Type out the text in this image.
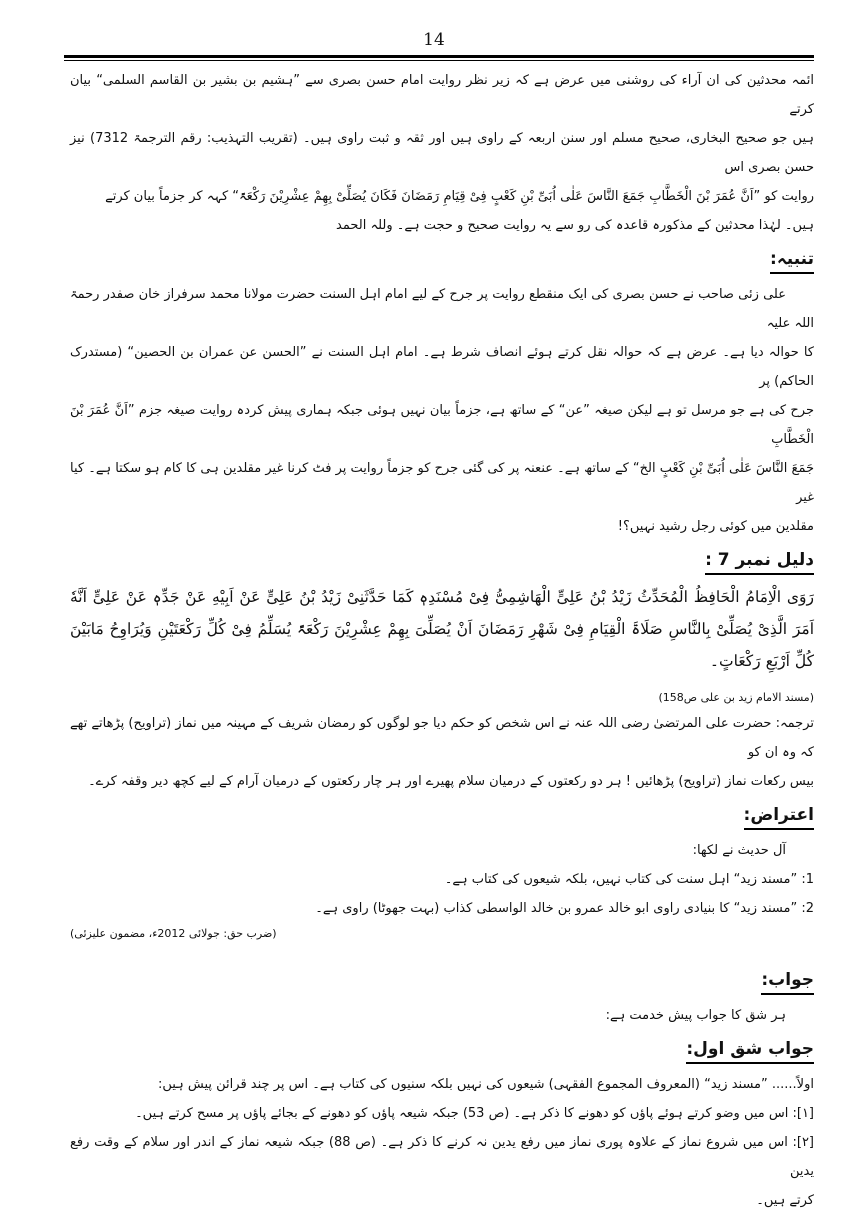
14

ائمہ محدثین کی ان آراء کی روشنی میں عرض ہے کہ زیر نظر روایت امام حسن بصری سے ”ہشیم بن بشیر بن القاسم السلمی“ بیان کرتے

ہیں جو صحیح البخاری، صحیح مسلم اور سنن اربعہ کے راوی ہیں اور ثقہ و ثبت راوی ہیں۔ (تقریب التہذیب: رقم الترجمۃ 7312) نیز حسن بصری اس

روایت کو ”اَنَّ عُمَرَ بْنَ الْخَطَّابِ جَمَعَ النَّاسَ عَلٰی اُبَیِّ بْنِ کَعْبٍ فِیْ قِیَامِ رَمَضَانَ فَکَانَ یُصَلِّیْ بِهِمْ عِشْرِیْنَ رَکْعَۃً“ کہہ کر جزماً بیان کرتے

ہیں۔ لہٰذا محدثین کے مذکورہ قاعدہ کی رو سے یہ روایت صحیح و حجت ہے۔ وللہ الحمد

تنبیہ:

علی زئی صاحب نے حسن بصری کی ایک منقطع روایت پر جرح کے لیے امام اہل السنت حضرت مولانا محمد سرفراز خان صفدر رحمۃ اللہ علیہ

کا حوالہ دیا ہے۔ عرض ہے کہ حوالہ نقل کرتے ہوئے انصاف شرط ہے۔ امام اہل السنت نے ”الحسن عن عمران بن الحصین“ (مستدرک الحاکم) پر

جرح کی ہے جو مرسل تو ہے لیکن صیغہ ”عن“ کے ساتھ ہے، جزماً بیان نہیں ہوئی جبکہ ہماری پیش کردہ روایت صیغہ جزم ”اَنَّ عُمَرَ بْنَ الْخَطَّابِ

جَمَعَ النَّاسَ عَلٰی اُبَیِّ بْنِ کَعْبٍ الخ“ کے ساتھ ہے۔ عنعنہ پر کی گئی جرح کو جزماً روایت پر فٹ کرنا غیر مقلدین ہی کا کام ہو سکتا ہے۔ کیا غیر

مقلدین میں کوئی رجل رشید نہیں؟!

دلیل نمبر 7 :

رَوَی الْاِمَامُ الْحَافِظُ الْمُحَدِّثُ زَیْدُ بْنُ عَلِیٍّ الْهَاشِمِیُّ فِیْ مُسْنَدِہٖ کَمَا حَدَّثَنِیْ زَیْدُ بْنُ عَلِیٍّ عَنْ اَبِیْهِ عَنْ جَدِّہٖ عَنْ عَلِیٍّ اَنَّهٗ اَمَرَ الَّذِیْ یُصَلِّیْ بِالنَّاسِ صَلَاۃَ الْقِیَامِ فِیْ شَهْرِ رَمَضَانَ اَنْ یُصَلِّیَ بِهِمْ عِشْرِیْنَ رَکْعَۃً یُسَلِّمُ فِیْ کُلِّ رَکْعَتَیْنِ وَیُرَاوِحُ مَابَیْنَ کُلِّ اَرْبَعِ رَکْعَاتٍ۔

(مسند الامام زید بن علی ص158)

ترجمہ: حضرت علی المرتضیٰ رضی اللہ عنہ نے اس شخص کو حکم دیا جو لوگوں کو رمضان شریف کے مہینہ میں نماز (تراویح) پڑھاتے تھے کہ وہ ان کو

بیس رکعات نماز (تراویح) پڑھائیں ! ہر دو رکعتوں کے درمیان سلام پھیرے اور ہر چار رکعتوں کے درمیان آرام کے لیے کچھ دیر وقفہ کرے۔

اعتراض:

آل حدیث نے لکھا:

1: ”مسند زید“ اہل سنت کی کتاب نہیں، بلکہ شیعوں کی کتاب ہے۔

2: ”مسند زید“ کا بنیادی راوی ابو خالد عمرو بن خالد الواسطی کذاب (بہت جھوٹا) راوی ہے۔

(ضرب حق: جولائی 2012ء، مضمون علیزئی)

جواب:

ہر شق کا جواب پیش خدمت ہے:

جواب شق اول:

اولاً...... ”مسند زید“ (المعروف المجموع الفقہی) شیعوں کی نہیں بلکہ سنیوں کی کتاب ہے۔ اس پر چند قرائن پیش ہیں:

[۱]: اس میں وضو کرتے ہوئے پاؤں کو دھونے کا ذکر ہے۔ (ص 53) جبکہ شیعہ پاؤں کو دھونے کے بجائے پاؤں پر مسح کرتے ہیں۔

[۲]: اس میں شروع نماز کے علاوہ پوری نماز میں رفع یدین نہ کرنے کا ذکر ہے۔ (ص 88) جبکہ شیعہ نماز کے اندر اور سلام کے وقت رفع یدین

کرتے ہیں۔
